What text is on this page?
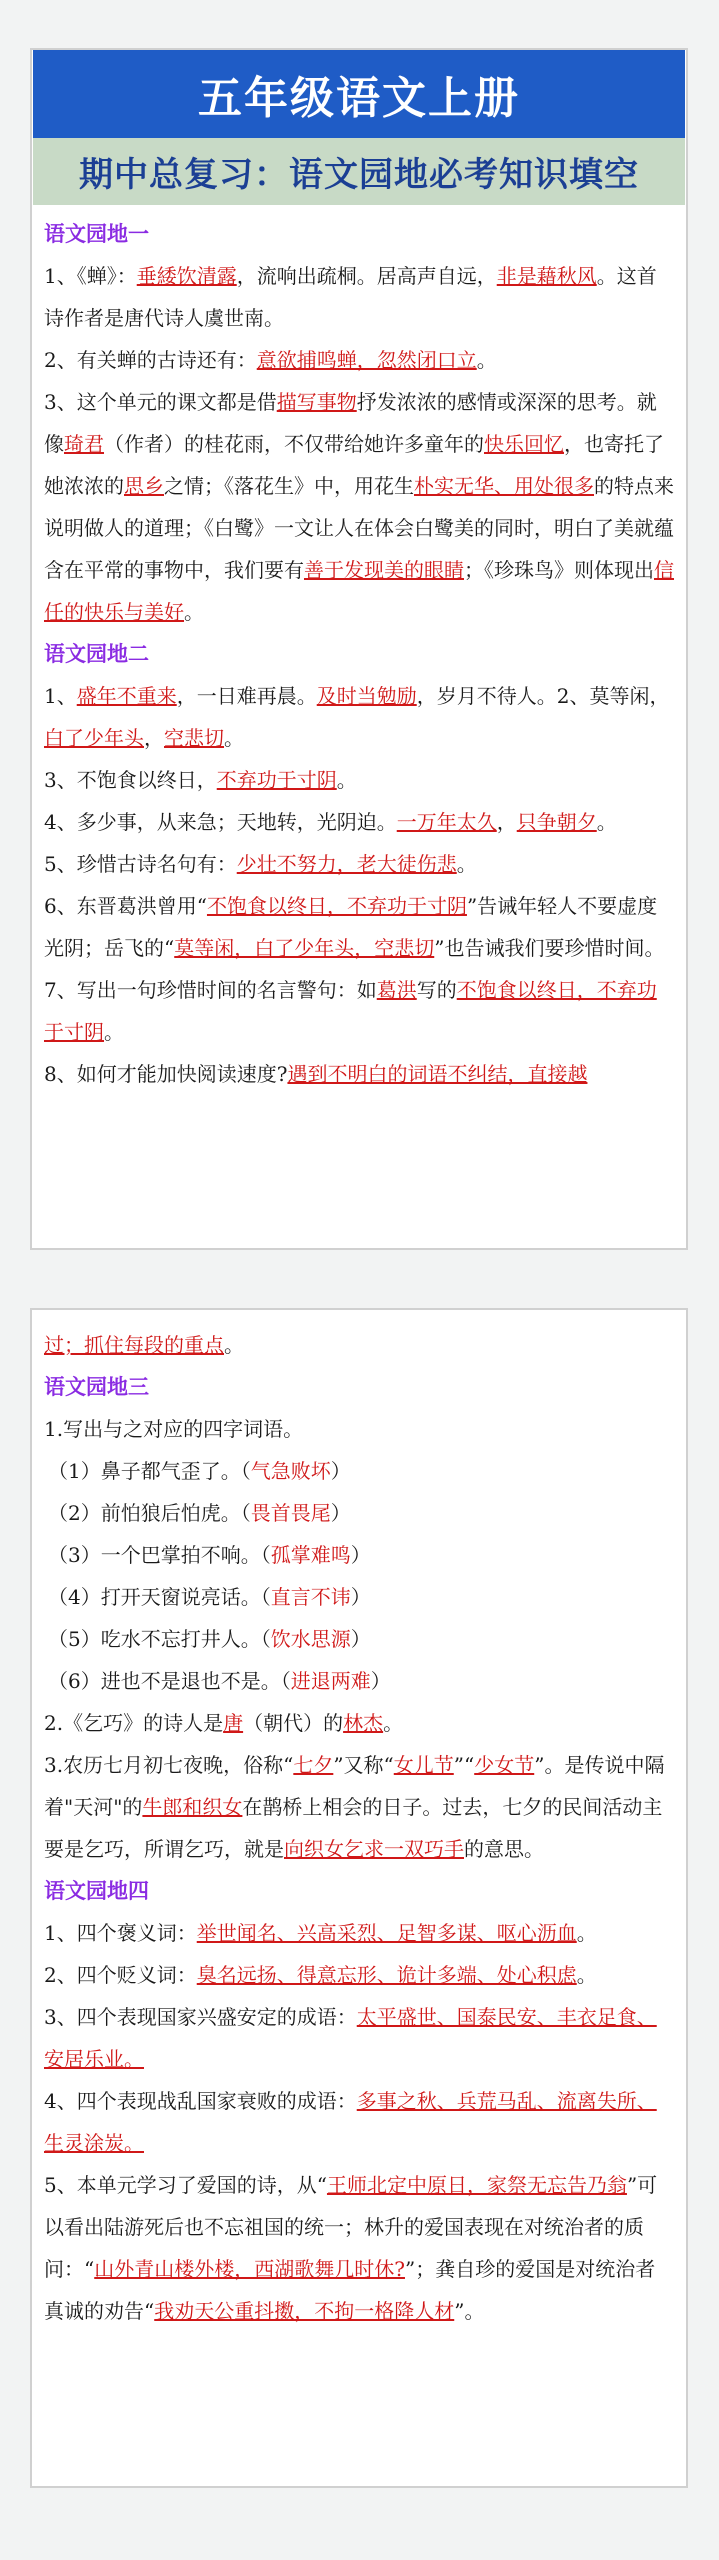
五年级语文上册
期中总复习：语文园地必考知识填空
语文园地一

1、《蝉》：垂緌饮清露，流响出疏桐。居高声自远，非是藉秋风。这首诗作者是唐代诗人虞世南。

2、有关蝉的古诗还有：意欲捕鸣蝉，忽然闭口立。

3、这个单元的课文都是借描写事物抒发浓浓的感情或深深的思考。就像琦君（作者）的桂花雨，不仅带给她许多童年的快乐回忆，也寄托了她浓浓的思乡之情；《落花生》中，用花生朴实无华、用处很多的特点来说明做人的道理；《白鹭》一文让人在体会白鹭美的同时，明白了美就蕴含在平常的事物中，我们要有善于发现美的眼睛；《珍珠鸟》则体现出信任的快乐与美好。

语文园地二

1、盛年不重来，一日难再晨。及时当勉励，岁月不待人。2、莫等闲，白了少年头，空悲切。

3、不饱食以终日，不弃功于寸阴。

4、多少事，从来急；天地转，光阴迫。一万年太久，只争朝夕。

5、珍惜古诗名句有：少壮不努力，老大徒伤悲。

6、东晋葛洪曾用“不饱食以终日，不弃功于寸阴”告诫年轻人不要虚度光阴；岳飞的“莫等闲，白了少年头，空悲切”也告诫我们要珍惜时间。

7、写出一句珍惜时间的名言警句：如葛洪写的不饱食以终日，不弃功于寸阴。

8、如何才能加快阅读速度?遇到不明白的词语不纠结，直接越

过；抓住每段的重点。

语文园地三

1.写出与之对应的四字词语。

（1）鼻子都气歪了。（气急败坏）

（2）前怕狼后怕虎。（畏首畏尾）

（3）一个巴掌拍不响。（孤掌难鸣）

（4）打开天窗说亮话。（直言不讳）

（5）吃水不忘打井人。（饮水思源）

（6）进也不是退也不是。（进退两难）

2.《乞巧》的诗人是唐（朝代）的林杰。

3.农历七月初七夜晚，俗称“七夕”又称“女儿节”“少女节”。是传说中隔着"天河"的牛郎和织女在鹊桥上相会的日子。过去，七夕的民间活动主要是乞巧，所谓乞巧，就是向织女乞求一双巧手的意思。

语文园地四

1、四个褒义词：举世闻名、兴高采烈、足智多谋、呕心沥血。

2、四个贬义词：臭名远扬、得意忘形、诡计多端、处心积虑。

3、四个表现国家兴盛安定的成语：太平盛世、国泰民安、丰衣足食、安居乐业。

4、四个表现战乱国家衰败的成语：多事之秋、兵荒马乱、流离失所、生灵涂炭。

5、本单元学习了爱国的诗，从“王师北定中原日，家祭无忘告乃翁”可以看出陆游死后也不忘祖国的统一；林升的爱国表现在对统治者的质问：“山外青山楼外楼，西湖歌舞几时休?”；龚自珍的爱国是对统治者真诚的劝告“我劝天公重抖擞，不拘一格降人材”。
